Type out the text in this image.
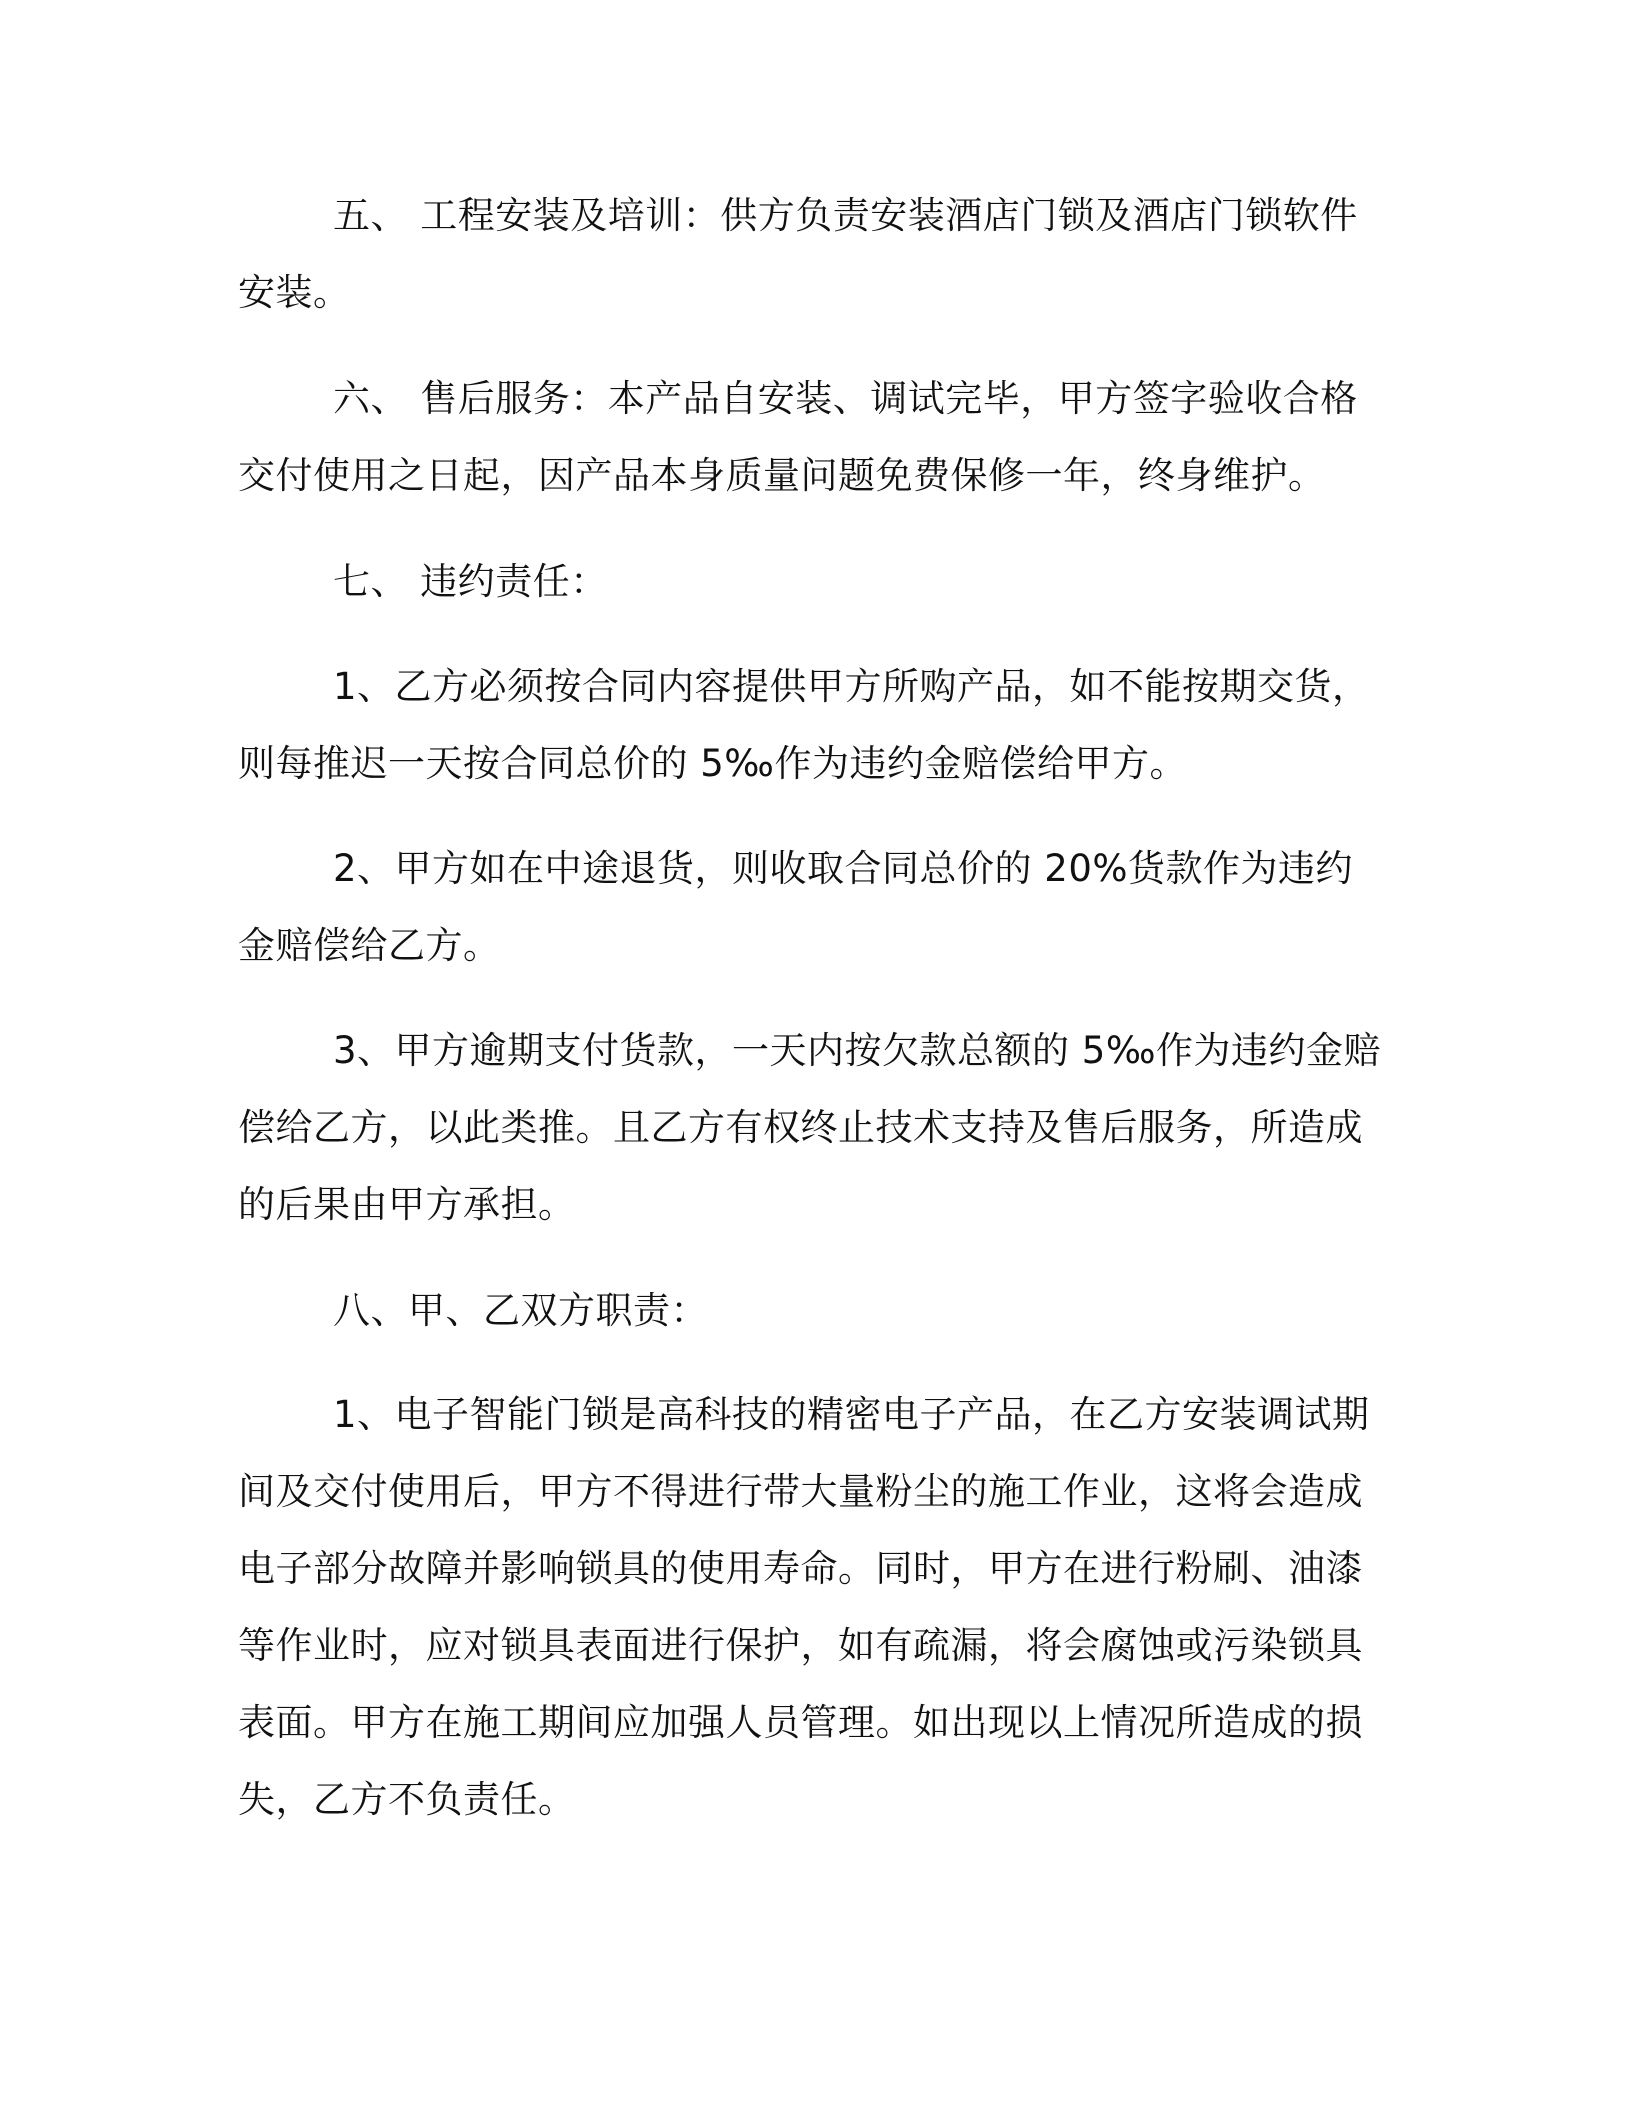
五、 工程安装及培训：供方负责安装酒店门锁及酒店门锁软件安装。

六、 售后服务：本产品自安装、调试完毕，甲方签字验收合格交付使用之日起，因产品本身质量问题免费保修一年，终身维护。

七、 违约责任：

1、乙方必须按合同内容提供甲方所购产品，如不能按期交货，则每推迟一天按合同总价的 5‰作为违约金赔偿给甲方。

2、甲方如在中途退货，则收取合同总价的 20%货款作为违约金赔偿给乙方。

3、甲方逾期支付货款，一天内按欠款总额的 5‰作为违约金赔偿给乙方，以此类推。且乙方有权终止技术支持及售后服务，所造成的后果由甲方承担。

八、甲、乙双方职责：

1、电子智能门锁是高科技的精密电子产品，在乙方安装调试期间及交付使用后，甲方不得进行带大量粉尘的施工作业，这将会造成电子部分故障并影响锁具的使用寿命。同时，甲方在进行粉刷、油漆等作业时，应对锁具表面进行保护，如有疏漏，将会腐蚀或污染锁具表面。甲方在施工期间应加强人员管理。如出现以上情况所造成的损失，乙方不负责任。
